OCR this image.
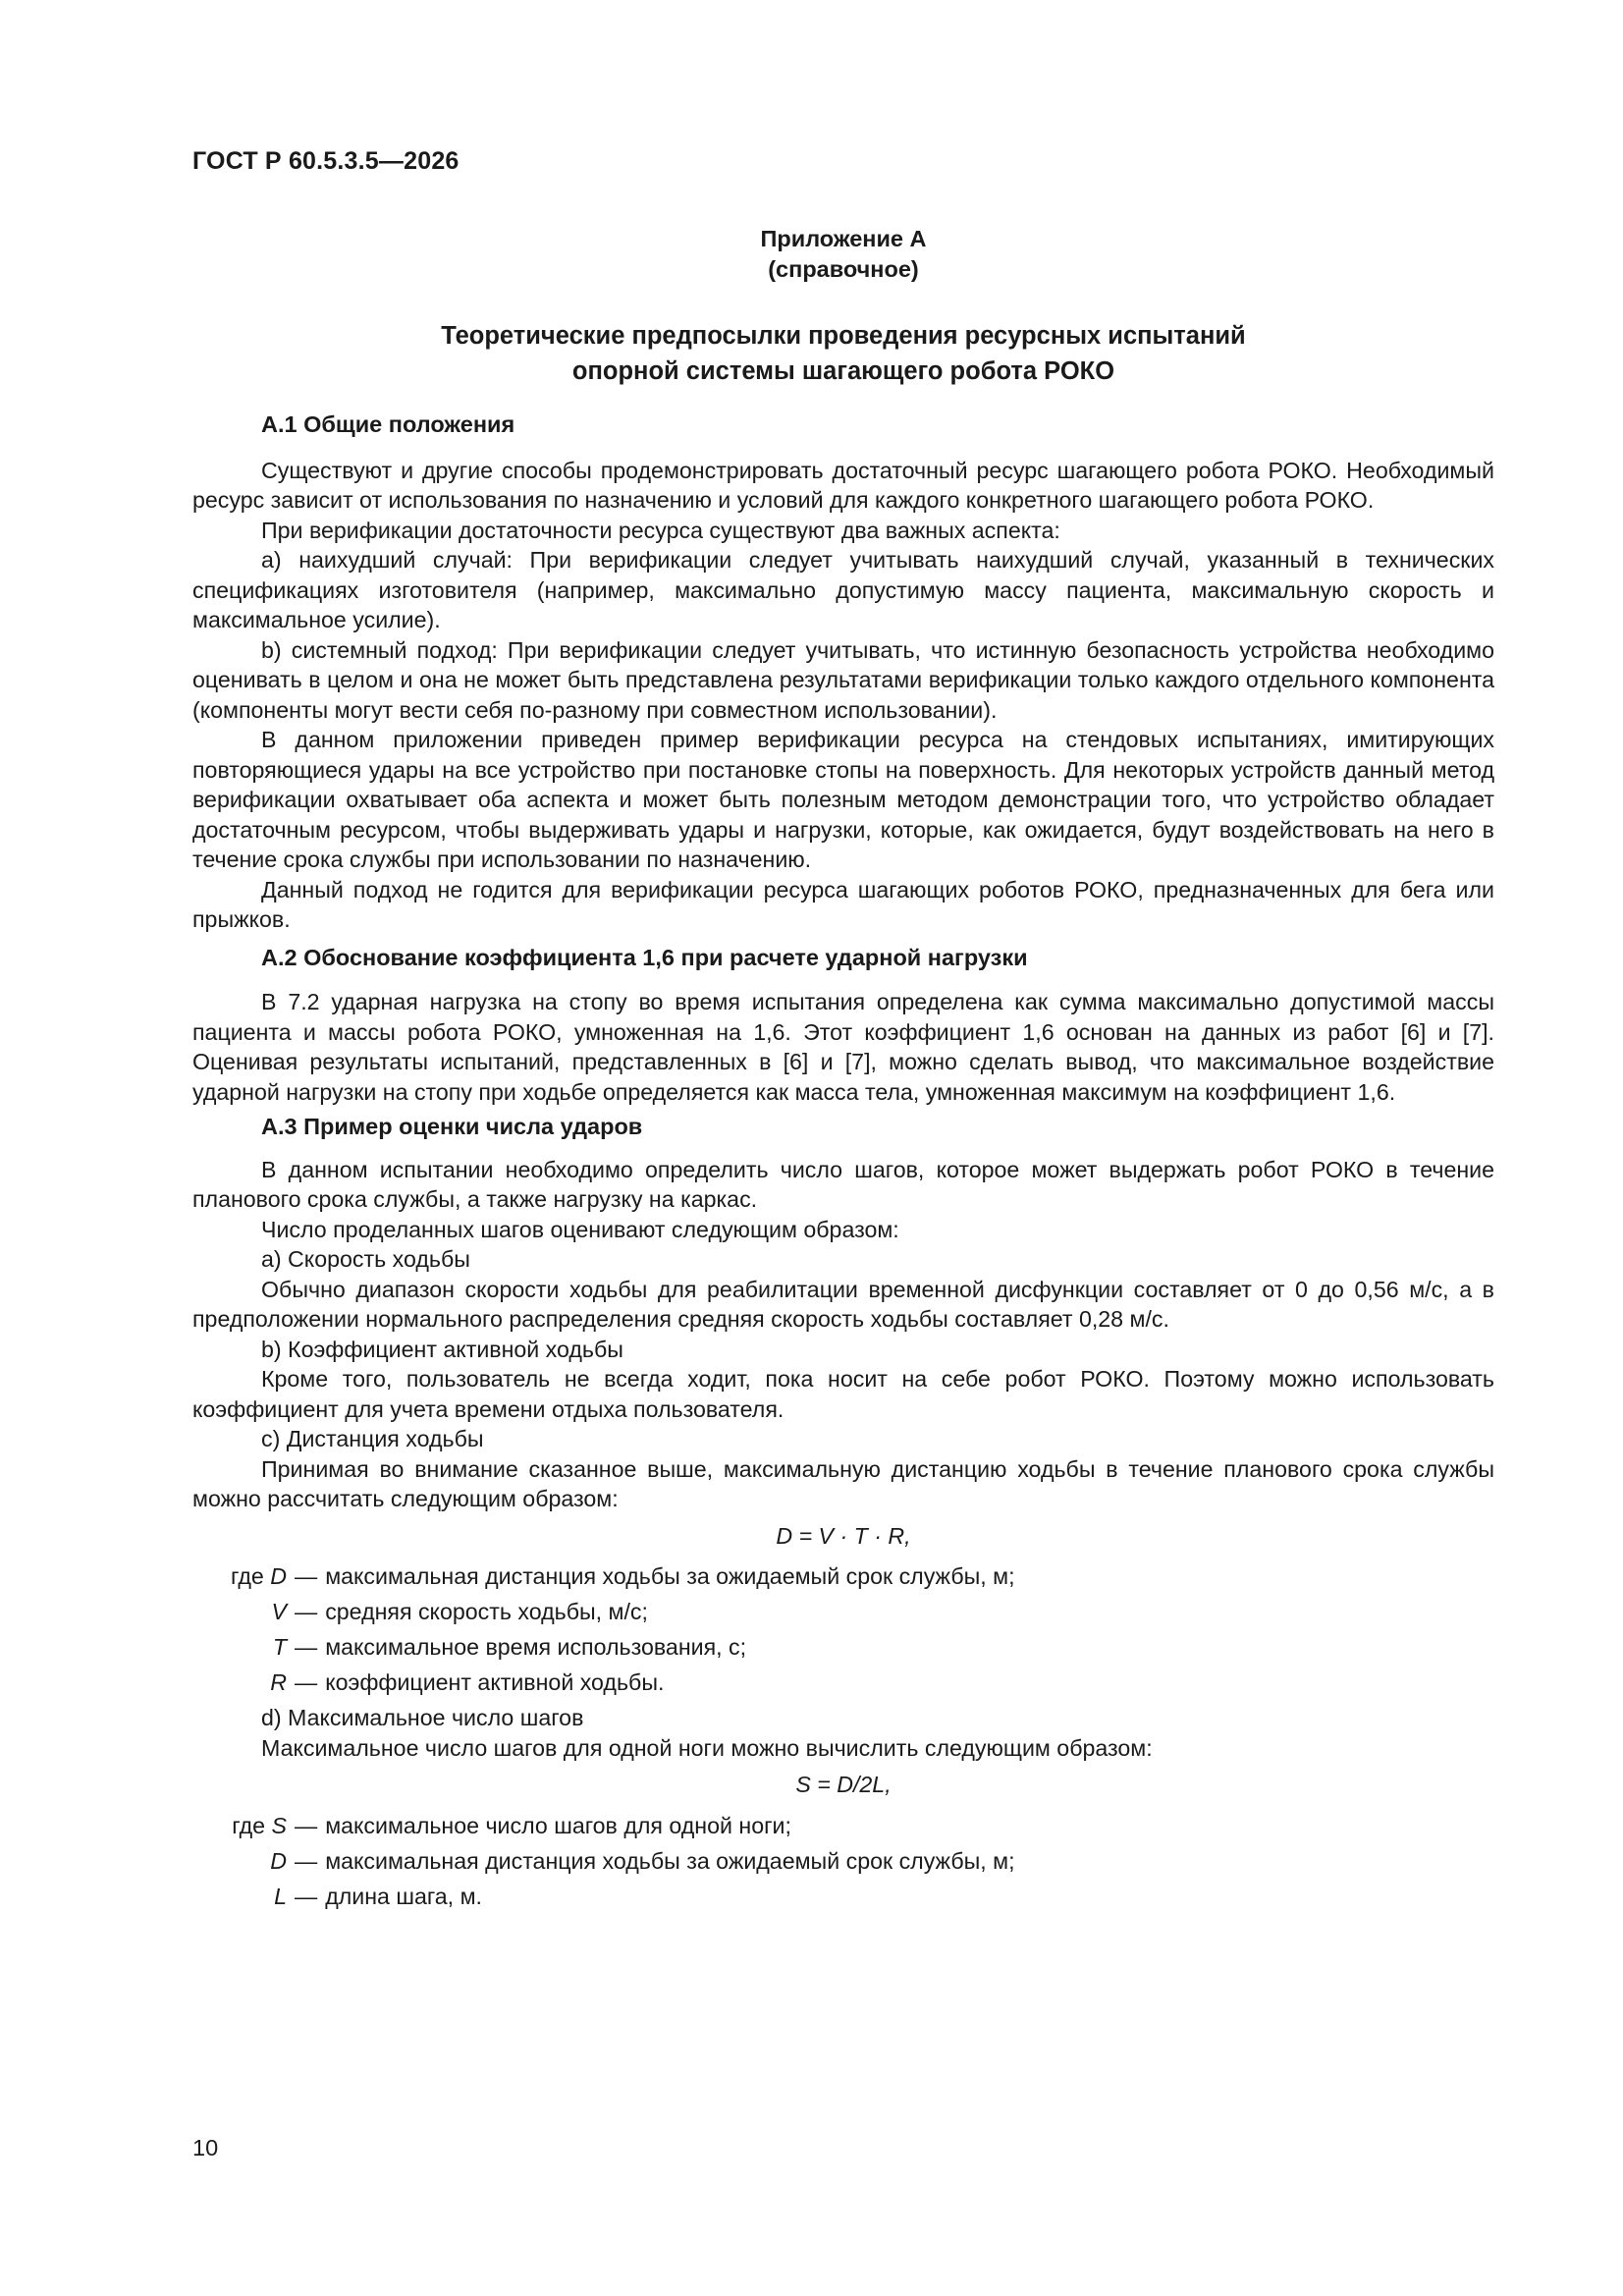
ГОСТ Р 60.5.3.5—2026
Приложение А
(справочное)
Теоретические предпосылки проведения ресурсных испытаний
опорной системы шагающего робота РОКО
А.1 Общие положения

Существуют и другие способы продемонстрировать достаточный ресурс шагающего робота РОКО. Необходимый ресурс зависит от использования по назначению и условий для каждого конкретного шагающего робота РОКО.

При верификации достаточности ресурса существуют два важных аспекта:

a) наихудший случай: При верификации следует учитывать наихудший случай, указанный в технических спецификациях изготовителя (например, максимально допустимую массу пациента, максимальную скорость и максимальное усилие).

b) системный подход: При верификации следует учитывать, что истинную безопасность устройства необходимо оценивать в целом и она не может быть представлена результатами верификации только каждого отдельного компонента (компоненты могут вести себя по-разному при совместном использовании).

В данном приложении приведен пример верификации ресурса на стендовых испытаниях, имитирующих повторяющиеся удары на все устройство при постановке стопы на поверхность. Для некоторых устройств данный метод верификации охватывает оба аспекта и может быть полезным методом демонстрации того, что устройство обладает достаточным ресурсом, чтобы выдерживать удары и нагрузки, которые, как ожидается, будут воздействовать на него в течение срока службы при использовании по назначению.

Данный подход не годится для верификации ресурса шагающих роботов РОКО, предназначенных для бега или прыжков.

А.2 Обоснование коэффициента 1,6 при расчете ударной нагрузки

В 7.2 ударная нагрузка на стопу во время испытания определена как сумма максимально допустимой массы пациента и массы робота РОКО, умноженная на 1,6. Этот коэффициент 1,6 основан на данных из работ [6] и [7]. Оценивая результаты испытаний, представленных в [6] и [7], можно сделать вывод, что максимальное воздействие ударной нагрузки на стопу при ходьбе определяется как масса тела, умноженная максимум на коэффициент 1,6.

А.3 Пример оценки числа ударов

В данном испытании необходимо определить число шагов, которое может выдержать робот РОКО в течение планового срока службы, а также нагрузку на каркас.

Число проделанных шагов оценивают следующим образом:

a) Скорость ходьбы

Обычно диапазон скорости ходьбы для реабилитации временной дисфункции составляет от 0 до 0,56 м/с, а в предположении нормального распределения средняя скорость ходьбы составляет 0,28 м/с.

b) Коэффициент активной ходьбы

Кроме того, пользователь не всегда ходит, пока носит на себе робот РОКО. Поэтому можно использовать коэффициент для учета времени отдыха пользователя.

c) Дистанция ходьбы

Принимая во внимание сказанное выше, максимальную дистанцию ходьбы в течение планового срока службы можно рассчитать следующим образом:

D = V · T · R,
где D — максимальная дистанция ходьбы за ожидаемый срок службы, м;
V — средняя скорость ходьбы, м/с;
T — максимальное время использования, с;
R — коэффициент активной ходьбы.

d) Максимальное число шагов

Максимальное число шагов для одной ноги можно вычислить следующим образом:

S = D/2L,
где S — максимальное число шагов для одной ноги;
D — максимальная дистанция ходьбы за ожидаемый срок службы, м;
L — длина шага, м.
10
